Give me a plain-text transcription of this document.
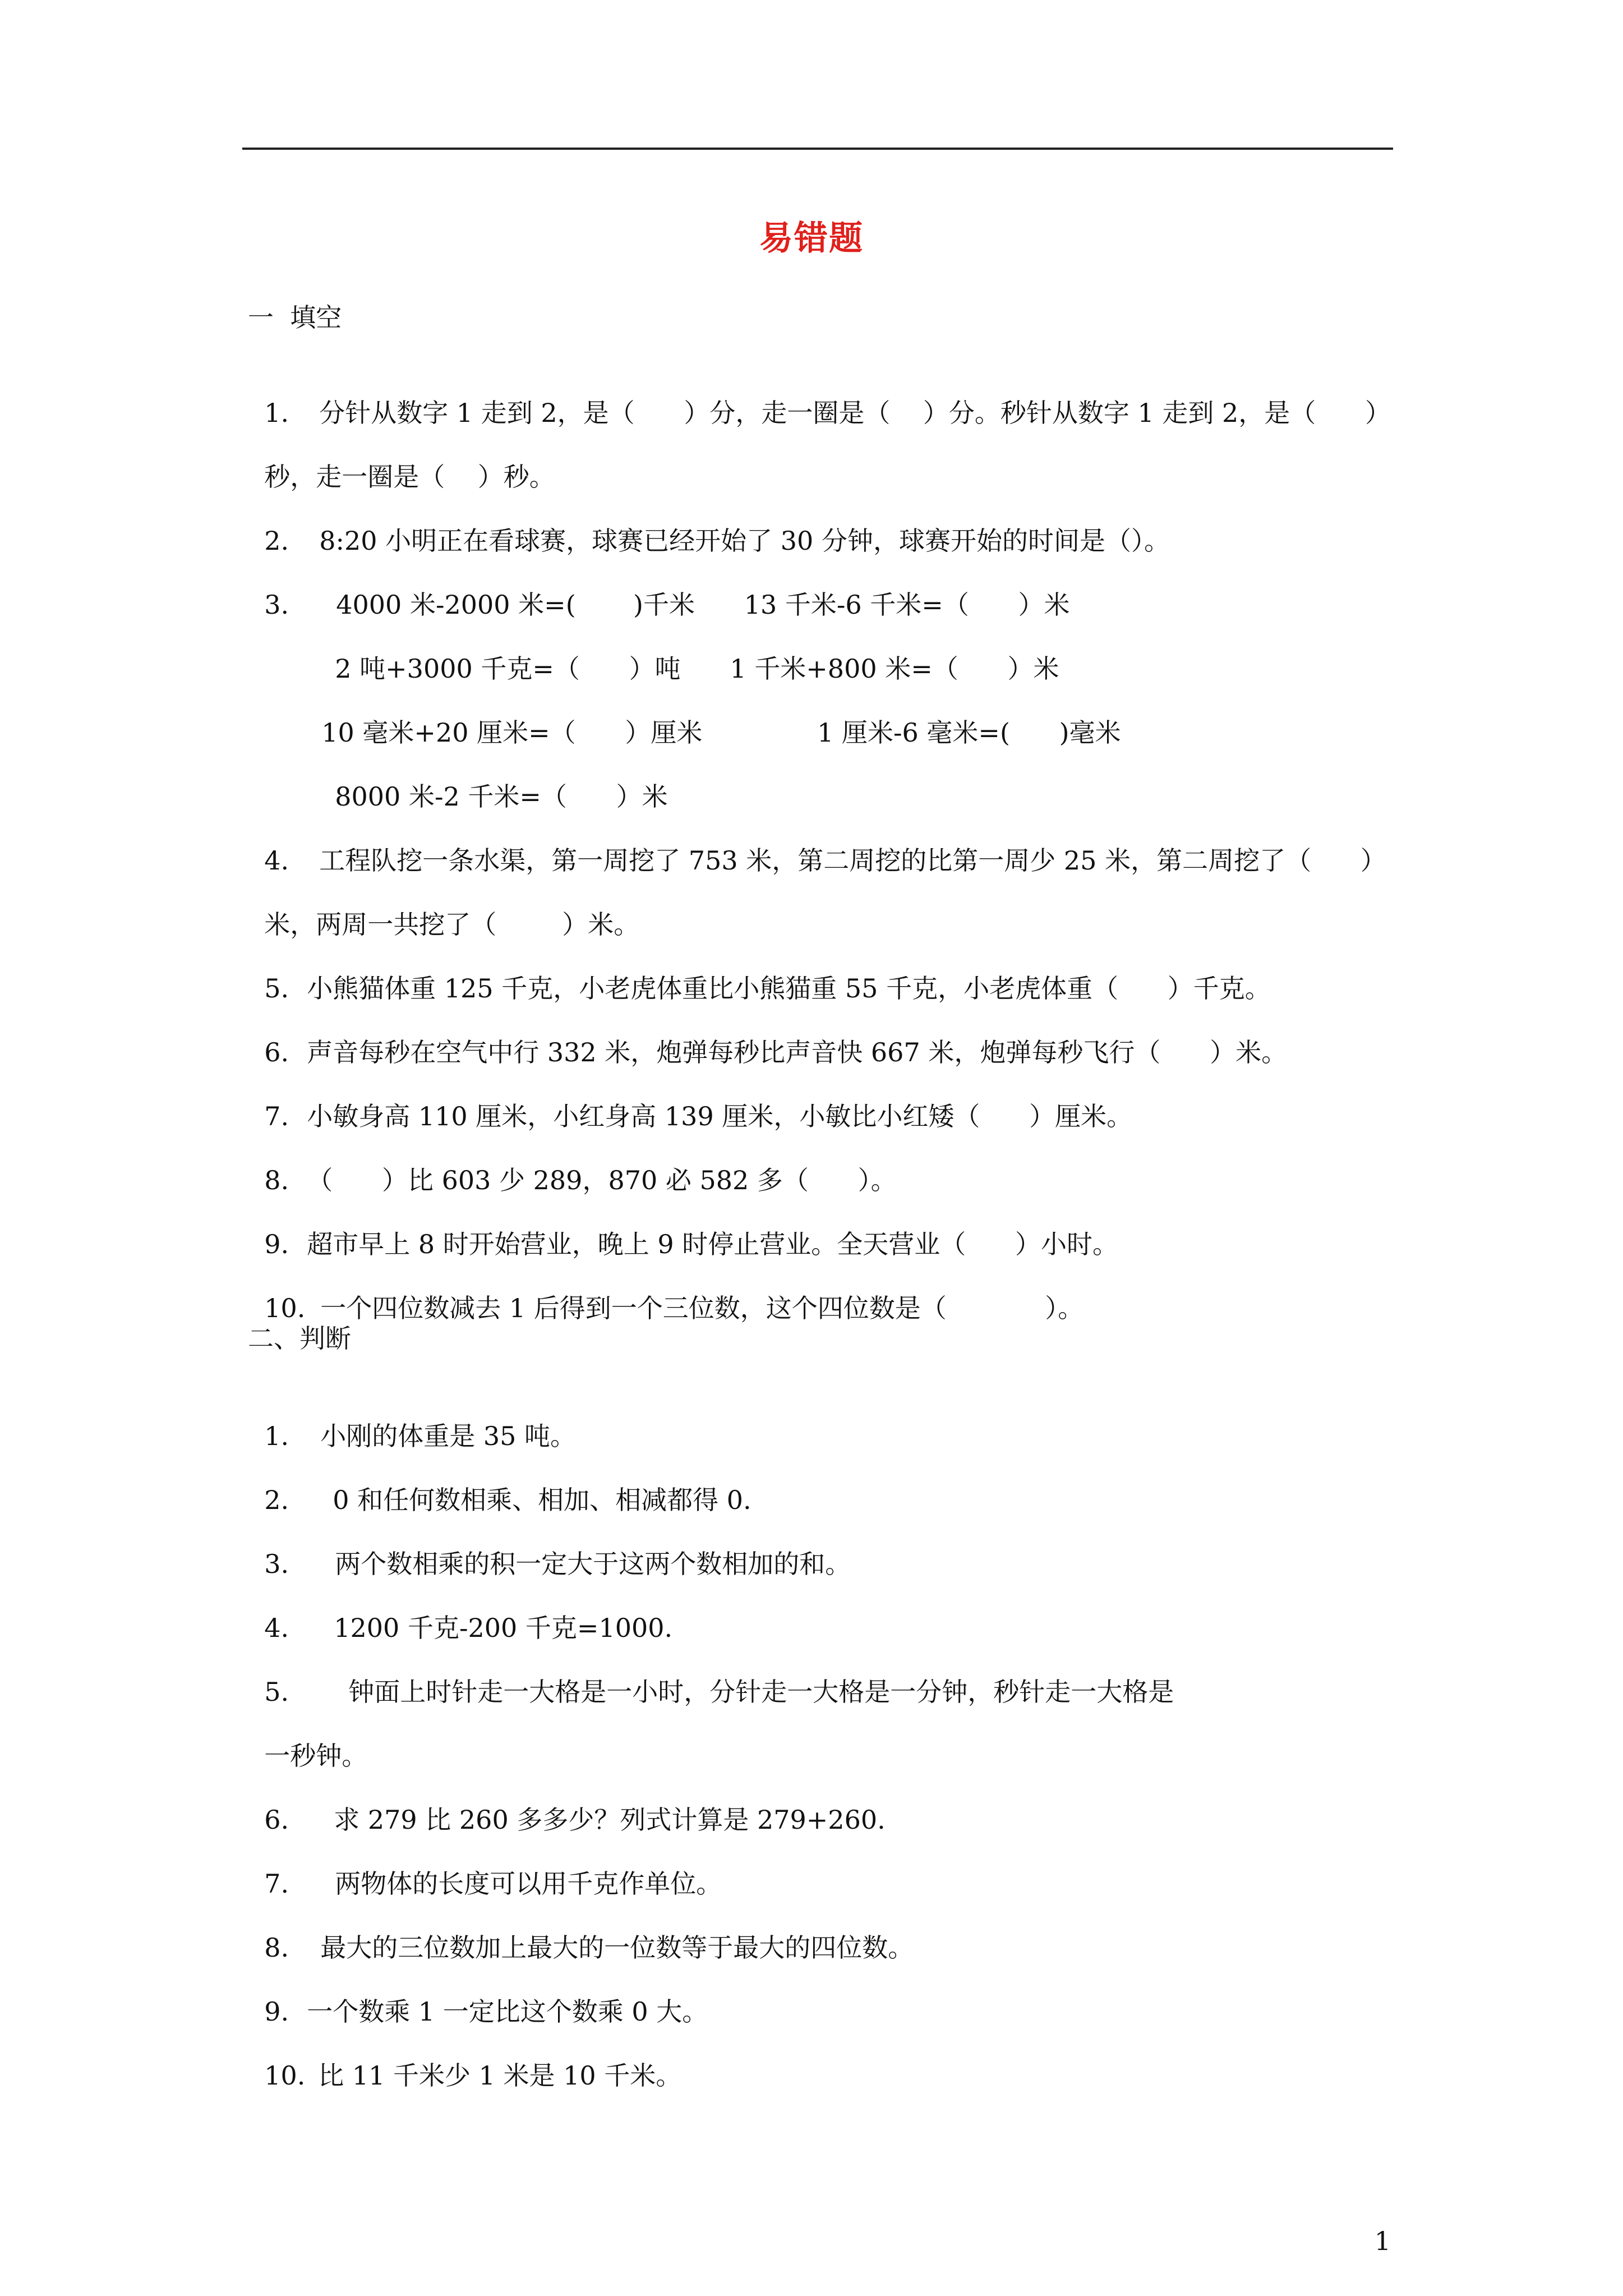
易错题
一  填空

1. 分针从数字 1 走到 2，是（      ）分，走一圈是（    ）分。秒针从数字 1 走到 2，是（      ）

秒，走一圈是（    ）秒。

2. 8:20 小明正在看球赛，球赛已经开始了 30 分钟，球赛开始的时间是（）。

3. 4000 米-2000 米=(       )千米      13 千米-6 千米=（      ）米

2 吨+3000 千克=（      ）吨      1 千米+800 米=（      ）米

10 毫米+20 厘米=（      ）厘米              1 厘米-6 毫米=(      )毫米

8000 米-2 千米=（      ）米

4. 工程队挖一条水渠，第一周挖了 753 米，第二周挖的比第一周少 25 米，第二周挖了（      ）

米，两周一共挖了（        ）米。

5. 小熊猫体重 125 千克，小老虎体重比小熊猫重 55 千克，小老虎体重（      ）千克。

6. 声音每秒在空气中行 332 米，炮弹每秒比声音快 667 米，炮弹每秒飞行（      ）米。

7. 小敏身高 110 厘米，小红身高 139 厘米，小敏比小红矮（      ）厘米。

8. （      ）比 603 少 289，870 必 582 多（      ）。

9. 超市早上 8 时开始营业，晚上 9 时停止营业。全天营业（      ）小时。

10. 一个四位数减去 1 后得到一个三位数，这个四位数是（            ）。

二、判断

1. 小刚的体重是 35 吨。

2. 0 和任何数相乘、相加、相减都得 0.

3. 两个数相乘的积一定大于这两个数相加的和。

4. 1200 千克-200 千克=1000.

5. 钟面上时针走一大格是一小时，分针走一大格是一分钟，秒针走一大格是

一秒钟。

6. 求 279 比 260 多多少？列式计算是 279+260.

7. 两物体的长度可以用千克作单位。

8. 最大的三位数加上最大的一位数等于最大的四位数。

9. 一个数乘 1 一定比这个数乘 0 大。

10. 比 11 千米少 1 米是 10 千米。

1
